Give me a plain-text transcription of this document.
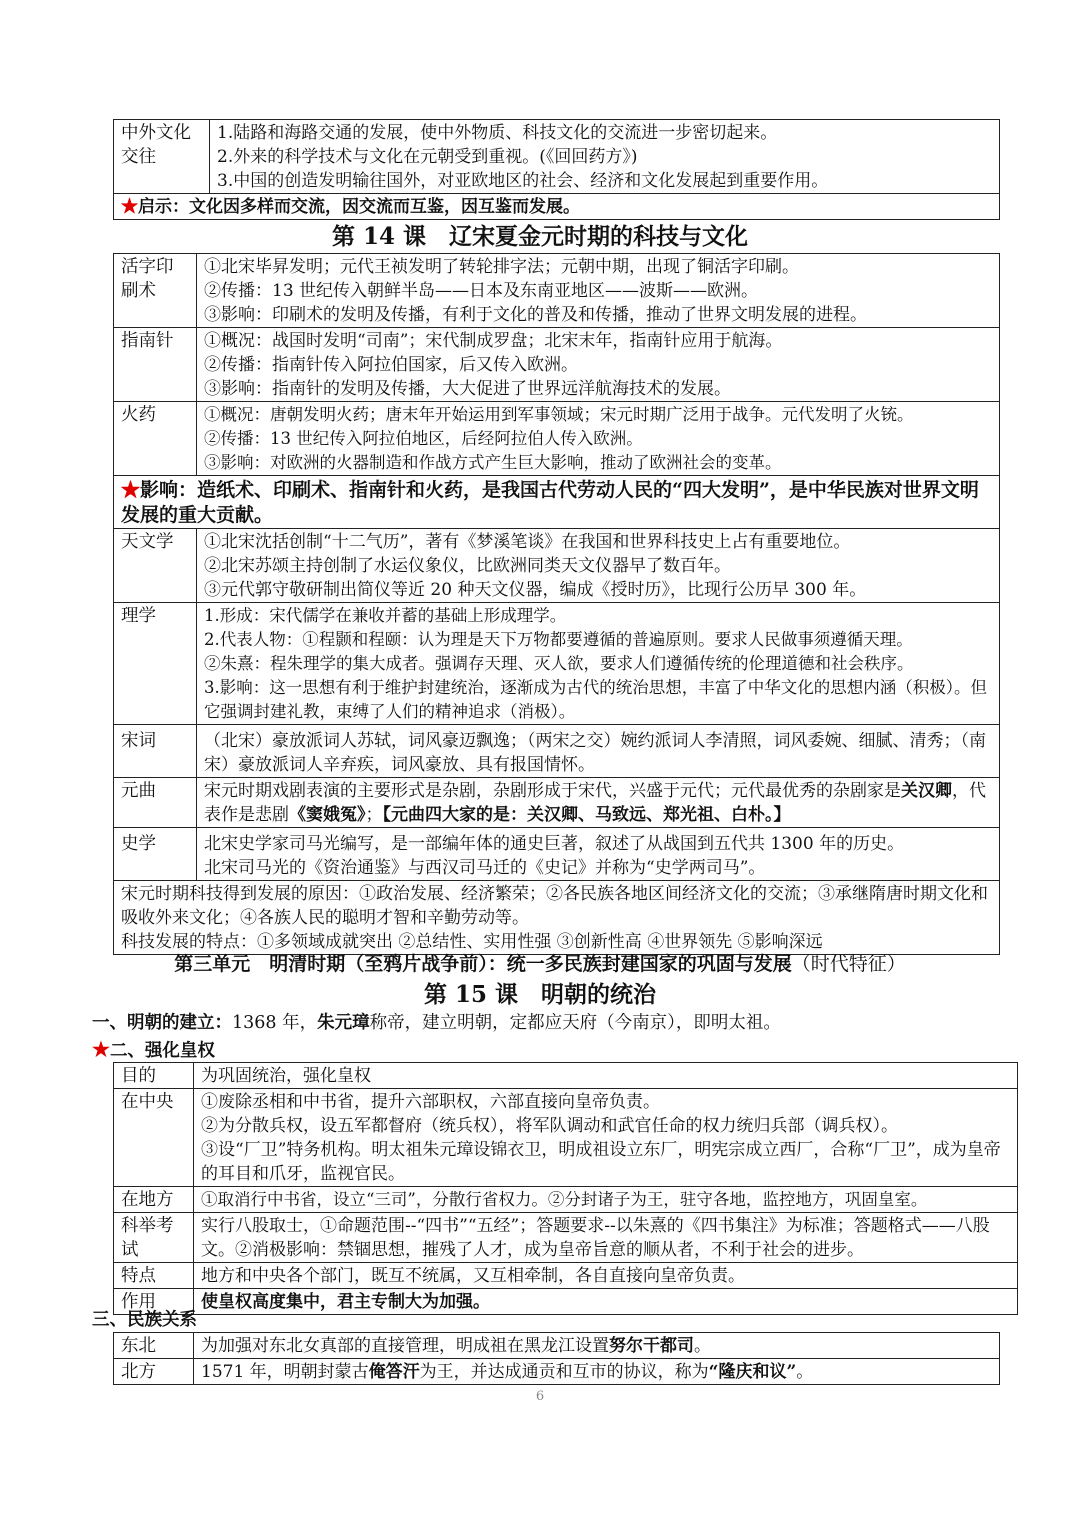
中外文化交往

1.陆路和海路交通的发展，使中外物质、科技文化的交流进一步密切起来。
2.外来的科学技术与文化在元朝受到重视。(《回回药方》)
3.中国的创造发明输往国外，对亚欧地区的社会、经济和文化发展起到重要作用。

★启示：文化因多样而交流，因交流而互鉴，因互鉴而发展。
第 14 课　辽宋夏金元时期的科技与文化
活字印刷术	①北宋毕昇发明；元代王祯发明了转轮排字法；元朝中期，出现了铜活字印刷。
②传播：13 世纪传入朝鲜半岛——日本及东南亚地区——波斯——欧洲。
③影响：印刷术的发明及传播，有利于文化的普及和传播，推动了世界文明发展的进程。

指南针	①概况：战国时发明“司南”；宋代制成罗盘；北宋末年，指南针应用于航海。
②传播：指南针传入阿拉伯国家，后又传入欧洲。
③影响：指南针的发明及传播，大大促进了世界远洋航海技术的发展。

火药	①概况：唐朝发明火药；唐末年开始运用到军事领域；宋元时期广泛用于战争。元代发明了火铳。
②传播：13 世纪传入阿拉伯地区，后经阿拉伯人传入欧洲。
③影响：对欧洲的火器制造和作战方式产生巨大影响，推动了欧洲社会的变革。

★影响：造纸术、印刷术、指南针和火药，是我国古代劳动人民的“四大发明”，是中华民族对世界文明发展的重大贡献。	
天文学	①北宋沈括创制“十二气历”，著有《梦溪笔谈》在我国和世界科技史上占有重要地位。
②北宋苏颂主持创制了水运仪象仪，比欧洲同类天文仪器早了数百年。
③元代郭守敬研制出简仪等近 20 种天文仪器，编成《授时历》，比现行公历早 300 年。

理学	1.形成：宋代儒学在兼收并蓄的基础上形成理学。
2.代表人物：①程颢和程颐：认为理是天下万物都要遵循的普遍原则。要求人民做事须遵循天理。
②朱熹：程朱理学的集大成者。强调存天理、灭人欲，要求人们遵循传统的伦理道德和社会秩序。
3.影响：这一思想有利于维护封建统治，逐渐成为古代的统治思想，丰富了中华文化的思想内涵（积极）。但它强调封建礼教，束缚了人们的精神追求（消极）。

宋词	（北宋）豪放派词人苏轼，词风豪迈飘逸；（两宋之交）婉约派词人李清照，词风委婉、细腻、清秀；（南宋）豪放派词人辛弃疾，词风豪放、具有报国情怀。

元曲	宋元时期戏剧表演的主要形式是杂剧，杂剧形成于宋代，兴盛于元代；元代最优秀的杂剧家是关汉卿，代表作是悲剧《窦娥冤》；【元曲四大家的是：关汉卿、马致远、郑光祖、白朴。】

史学	北宋史学家司马光编写，是一部编年体的通史巨著，叙述了从战国到五代共 1300 年的历史。
北宋司马光的《资治通鉴》与西汉司马迁的《史记》并称为“史学两司马”。

宋元时期科技得到发展的原因：①政治发展、经济繁荣；②各民族各地区间经济文化的交流；③承继隋唐时期文化和吸收外来文化；④各族人民的聪明才智和辛勤劳动等。
科技发展的特点：①多领域成就突出 ②总结性、实用性强 ③创新性高 ④世界领先 ⑤影响深远	
第三单元　明清时期（至鸦片战争前）：统一多民族封建国家的巩固与发展（时代特征）
第 15 课　明朝的统治
一、明朝的建立：1368 年，朱元璋称帝，建立明朝，定都应天府（今南京），即明太祖。
★二、强化皇权
目的	为巩固统治，强化皇权

在中央	①废除丞相和中书省，提升六部职权，六部直接向皇帝负责。
②为分散兵权，设五军都督府（统兵权），将军队调动和武官任命的权力统归兵部（调兵权）。
③设“厂卫”特务机构。明太祖朱元璋设锦衣卫，明成祖设立东厂，明宪宗成立西厂，合称“厂卫”，成为皇帝的耳目和爪牙，监视官民。

在地方	①取消行中书省，设立“三司”，分散行省权力。②分封诸子为王，驻守各地，监控地方，巩固皇室。

科举考试	实行八股取士，①命题范围--“四书”“五经”；答题要求--以朱熹的《四书集注》为标准；答题格式——八股文。②消极影响：禁锢思想，摧残了人才，成为皇帝旨意的顺从者，不利于社会的进步。

特点	地方和中央各个部门，既互不统属，又互相牵制，各自直接向皇帝负责。

作用	使皇权高度集中，君主专制大为加强。
三、民族关系
东北	为加强对东北女真部的直接管理，明成祖在黑龙江设置努尔干都司。
北方	1571 年，明朝封蒙古俺答汗为王，并达成通贡和互市的协议，称为“隆庆和议”。
6
